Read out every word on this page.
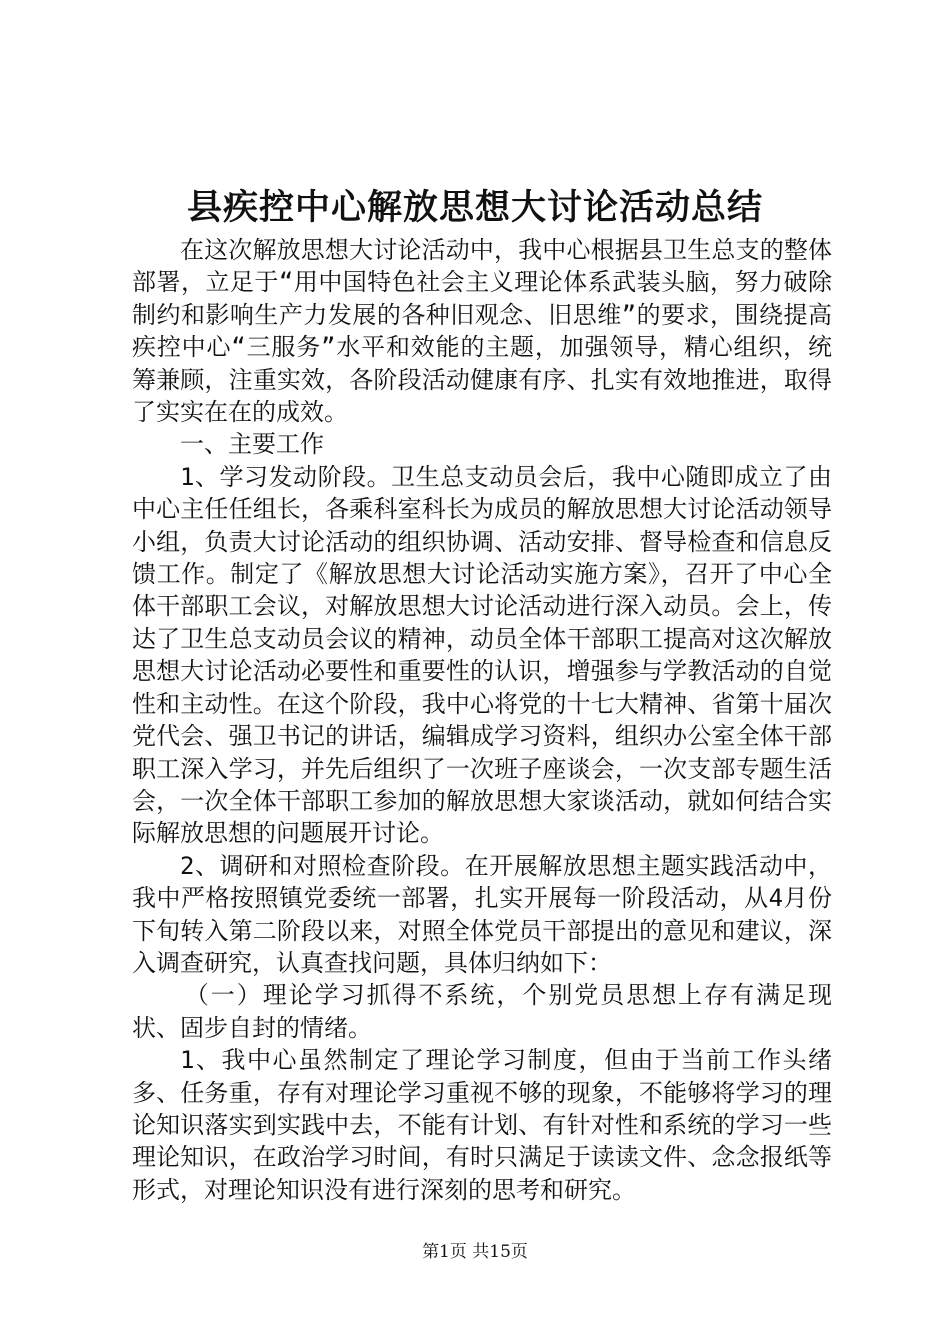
县疾控中心解放思想大讨论活动总结

在这次解放思想大讨论活动中，我中心根据县卫生总支的整体部署，立足于“用中国特色社会主义理论体系武装头脑，努力破除制约和影响生产力发展的各种旧观念、旧思维”的要求，围绕提高疾控中心“三服务”水平和效能的主题，加强领导，精心组织，统筹兼顾，注重实效，各阶段活动健康有序、扎实有效地推进，取得了实实在在的成效。

一、主要工作

1、学习发动阶段。卫生总支动员会后，我中心随即成立了由中心主任任组长，各乘科室科长为成员的解放思想大讨论活动领导小组，负责大讨论活动的组织协调、活动安排、督导检查和信息反馈工作。制定了《解放思想大讨论活动实施方案》，召开了中心全体干部职工会议，对解放思想大讨论活动进行深入动员。会上，传达了卫生总支动员会议的精神，动员全体干部职工提高对这次解放思想大讨论活动必要性和重要性的认识，增强参与学教活动的自觉性和主动性。在这个阶段，我中心将党的十七大精神、省第十届次党代会、强卫书记的讲话，编辑成学习资料，组织办公室全体干部职工深入学习，并先后组织了一次班子座谈会，一次支部专题生活会，一次全体干部职工参加的解放思想大家谈活动，就如何结合实际解放思想的问题展开讨论。

2、调研和对照检查阶段。在开展解放思想主题实践活动中，我中严格按照镇党委统一部署，扎实开展每一阶段活动，从4月份下旬转入第二阶段以来，对照全体党员干部提出的意见和建议，深入调查研究，认真查找问题，具体归纳如下：

（一）理论学习抓得不系统，个别党员思想上存有满足现状、固步自封的情绪。

1、我中心虽然制定了理论学习制度，但由于当前工作头绪多、任务重，存有对理论学习重视不够的现象，不能够将学习的理论知识落实到实践中去，不能有计划、有针对性和系统的学习一些理论知识，在政治学习时间，有时只满足于读读文件、念念报纸等形式，对理论知识没有进行深刻的思考和研究。

第1页 共15页
